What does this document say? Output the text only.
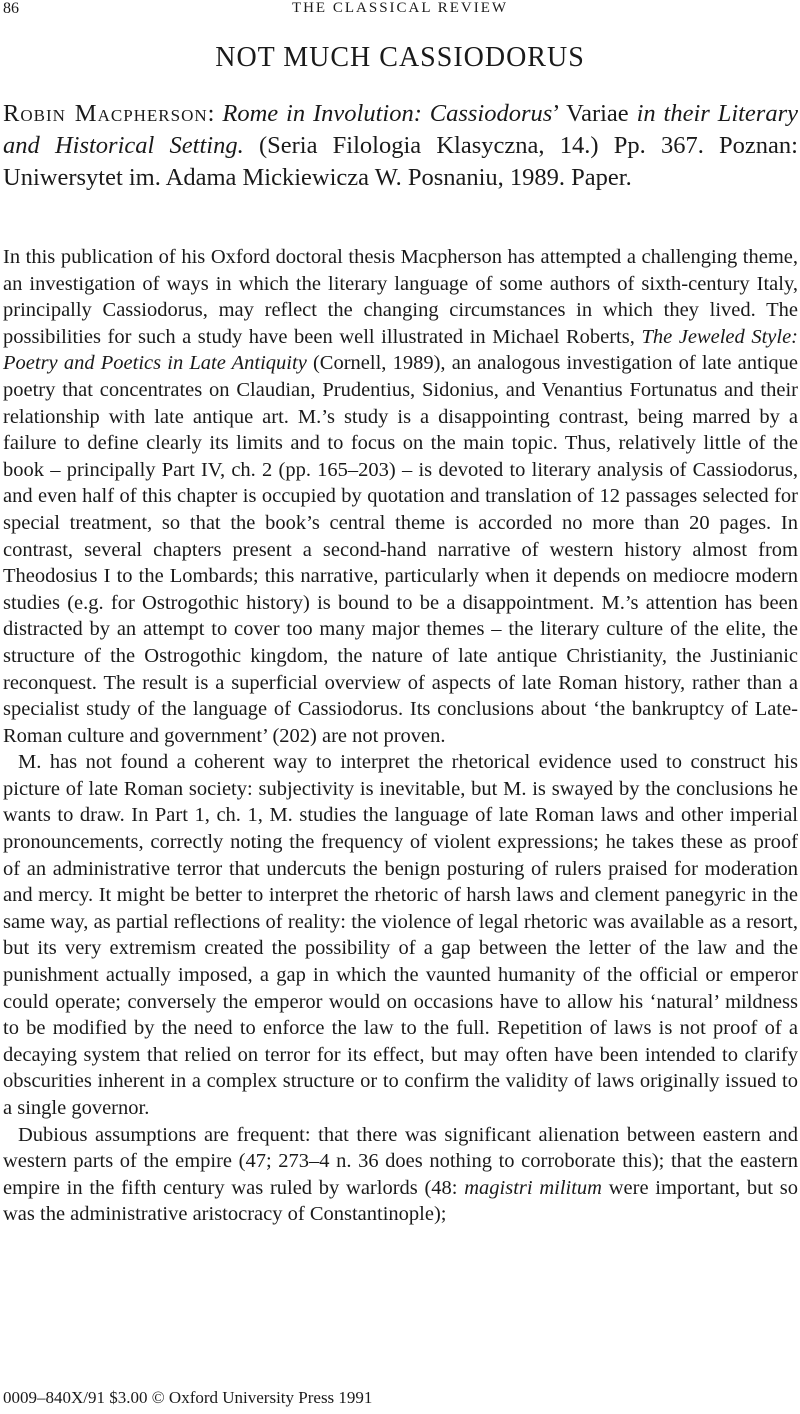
86	THE CLASSICAL REVIEW
NOT MUCH CASSIODORUS
Robin Macpherson: Rome in Involution: Cassiodorus’ Variae in their Literary and Historical Setting. (Seria Filologia Klasyczna, 14.) Pp. 367. Poznan: Uniwersytet im. Adama Mickiewicza W. Posnaniu, 1989. Paper.

In this publication of his Oxford doctoral thesis Macpherson has attempted a challenging theme, an investigation of ways in which the literary language of some authors of sixth-century Italy, principally Cassiodorus, may reflect the changing circumstances in which they lived. The possibilities for such a study have been well illustrated in Michael Roberts, The Jeweled Style: Poetry and Poetics in Late Antiquity (Cornell, 1989), an analogous investigation of late antique poetry that concentrates on Claudian, Prudentius, Sidonius, and Venantius Fortunatus and their relationship with late antique art. M.’s study is a disappointing contrast, being marred by a failure to define clearly its limits and to focus on the main topic. Thus, relatively little of the book – principally Part IV, ch. 2 (pp. 165–203) – is devoted to literary analysis of Cassiodorus, and even half of this chapter is occupied by quotation and translation of 12 passages selected for special treatment, so that the book’s central theme is accorded no more than 20 pages. In contrast, several chapters present a second-hand narrative of western history almost from Theodosius I to the Lombards; this narrative, particularly when it depends on mediocre modern studies (e.g. for Ostrogothic history) is bound to be a disappointment. M.’s attention has been distracted by an attempt to cover too many major themes – the literary culture of the elite, the structure of the Ostrogothic kingdom, the nature of late antique Christianity, the Justinianic reconquest. The result is a superficial overview of aspects of late Roman history, rather than a specialist study of the language of Cassiodorus. Its conclusions about ‘the bankruptcy of Late-Roman culture and government’ (202) are not proven.

M. has not found a coherent way to interpret the rhetorical evidence used to construct his picture of late Roman society: subjectivity is inevitable, but M. is swayed by the conclusions he wants to draw. In Part 1, ch. 1, M. studies the language of late Roman laws and other imperial pronouncements, correctly noting the frequency of violent expressions; he takes these as proof of an administrative terror that undercuts the benign posturing of rulers praised for moderation and mercy. It might be better to interpret the rhetoric of harsh laws and clement panegyric in the same way, as partial reflections of reality: the violence of legal rhetoric was available as a resort, but its very extremism created the possibility of a gap between the letter of the law and the punishment actually imposed, a gap in which the vaunted humanity of the official or emperor could operate; conversely the emperor would on occasions have to allow his ‘natural’ mildness to be modified by the need to enforce the law to the full. Repetition of laws is not proof of a decaying system that relied on terror for its effect, but may often have been intended to clarify obscurities inherent in a complex structure or to confirm the validity of laws originally issued to a single governor.

Dubious assumptions are frequent: that there was significant alienation between eastern and western parts of the empire (47; 273–4 n. 36 does nothing to corroborate this); that the eastern empire in the fifth century was ruled by warlords (48: magistri militum were important, but so was the administrative aristocracy of Constantinople);

0009–840X/91 $3.00 © Oxford University Press 1991
